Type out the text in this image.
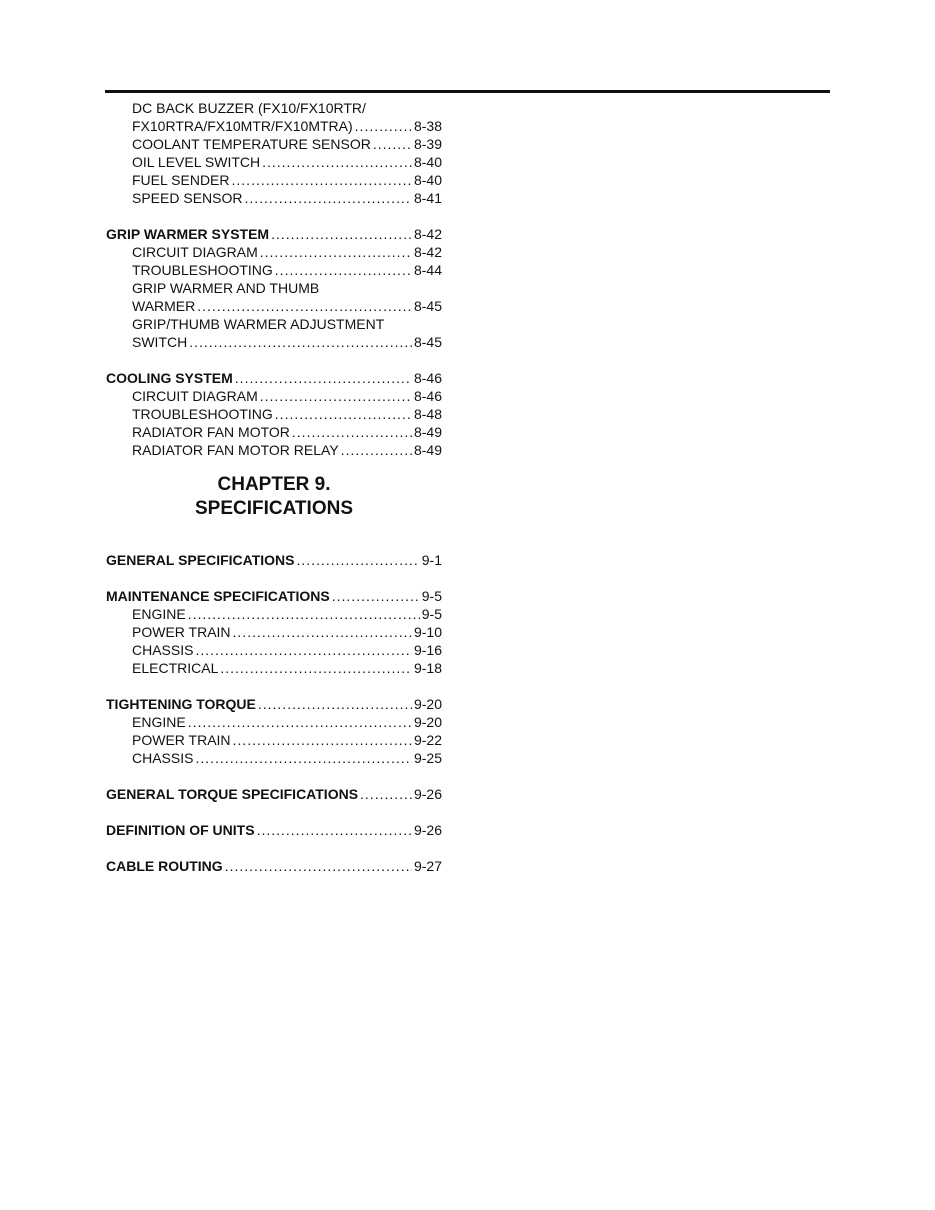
DC BACK BUZZER (FX10/FX10RTR/
FX10RTRA/FX10MTR/FX10MTRA) .....	8-38
COOLANT TEMPERATURE SENSOR .....	8-39
OIL LEVEL SWITCH .....	8-40
FUEL SENDER .....	8-40
SPEED SENSOR .....	8-41
GRIP WARMER SYSTEM .....	8-42
CIRCUIT DIAGRAM .....	8-42
TROUBLESHOOTING .....	8-44
GRIP WARMER AND THUMB
WARMER .....	8-45
GRIP/THUMB WARMER ADJUSTMENT
SWITCH .....	8-45
COOLING SYSTEM .....	8-46
CIRCUIT DIAGRAM .....	8-46
TROUBLESHOOTING .....	8-48
RADIATOR FAN MOTOR .....	8-49
RADIATOR FAN MOTOR RELAY .....	8-49
CHAPTER 9.
SPECIFICATIONS
GENERAL SPECIFICATIONS .....	9-1
MAINTENANCE SPECIFICATIONS .....	9-5
ENGINE .....	9-5
POWER TRAIN .....	9-10
CHASSIS .....	9-16
ELECTRICAL .....	9-18
TIGHTENING TORQUE .....	9-20
ENGINE .....	9-20
POWER TRAIN .....	9-22
CHASSIS .....	9-25
GENERAL TORQUE SPECIFICATIONS .....	9-26
DEFINITION OF UNITS .....	9-26
CABLE ROUTING .....	9-27
